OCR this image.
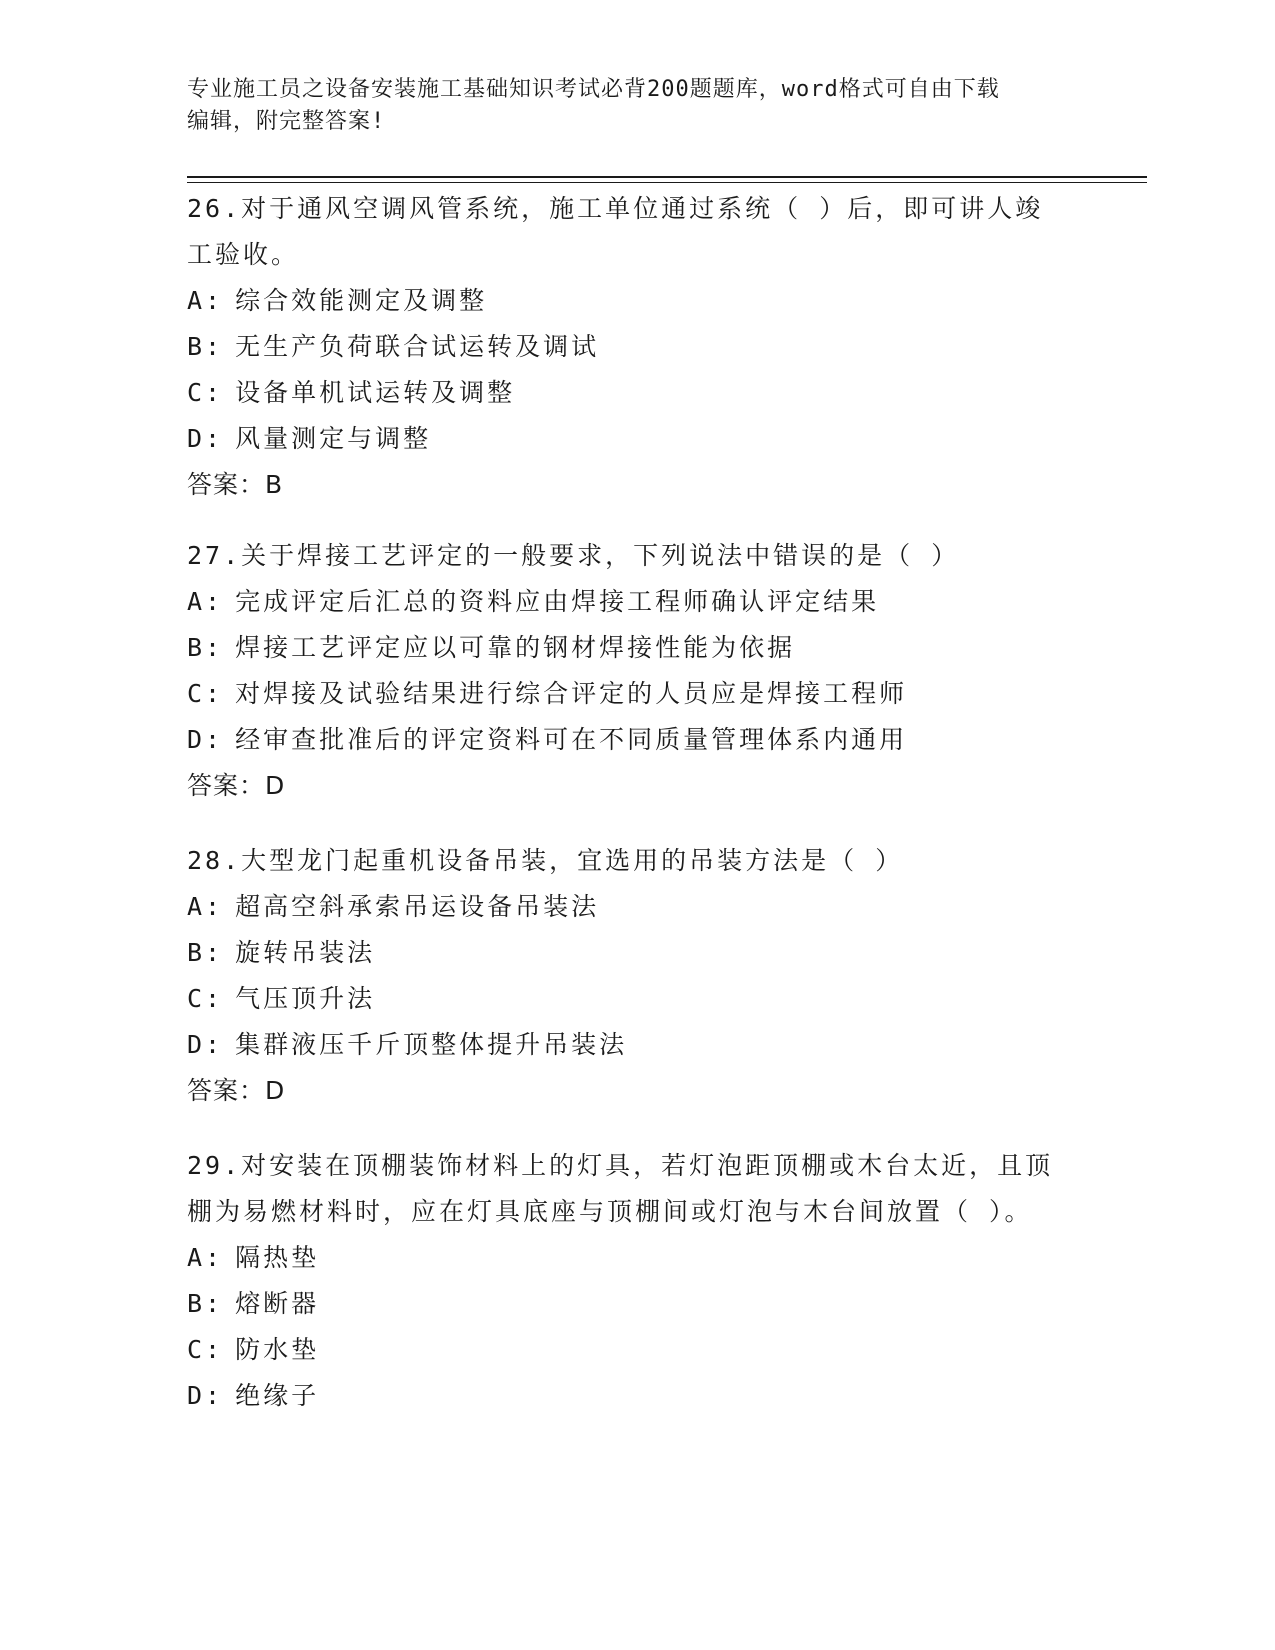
专业施工员之设备安装施工基础知识考试必背200题题库，word格式可自由下载
编辑，附完整答案!
26.对于通风空调风管系统，施工单位通过系统（ ）后，即可讲人竣
工验收。
A: 综合效能测定及调整
B: 无生产负荷联合试运转及调试
C: 设备单机试运转及调整
D: 风量测定与调整
答案：B
27.关于焊接工艺评定的一般要求，下列说法中错误的是（ ）
A: 完成评定后汇总的资料应由焊接工程师确认评定结果
B: 焊接工艺评定应以可靠的钢材焊接性能为依据
C: 对焊接及试验结果进行综合评定的人员应是焊接工程师
D: 经审查批准后的评定资料可在不同质量管理体系内通用
答案：D
28.大型龙门起重机设备吊装，宜选用的吊装方法是（ ）
A: 超高空斜承索吊运设备吊装法
B: 旋转吊装法
C: 气压顶升法
D: 集群液压千斤顶整体提升吊装法
答案：D
29.对安装在顶棚装饰材料上的灯具，若灯泡距顶棚或木台太近，且顶
棚为易燃材料时，应在灯具底座与顶棚间或灯泡与木台间放置（ ）。
A: 隔热垫
B: 熔断器
C: 防水垫
D: 绝缘子
